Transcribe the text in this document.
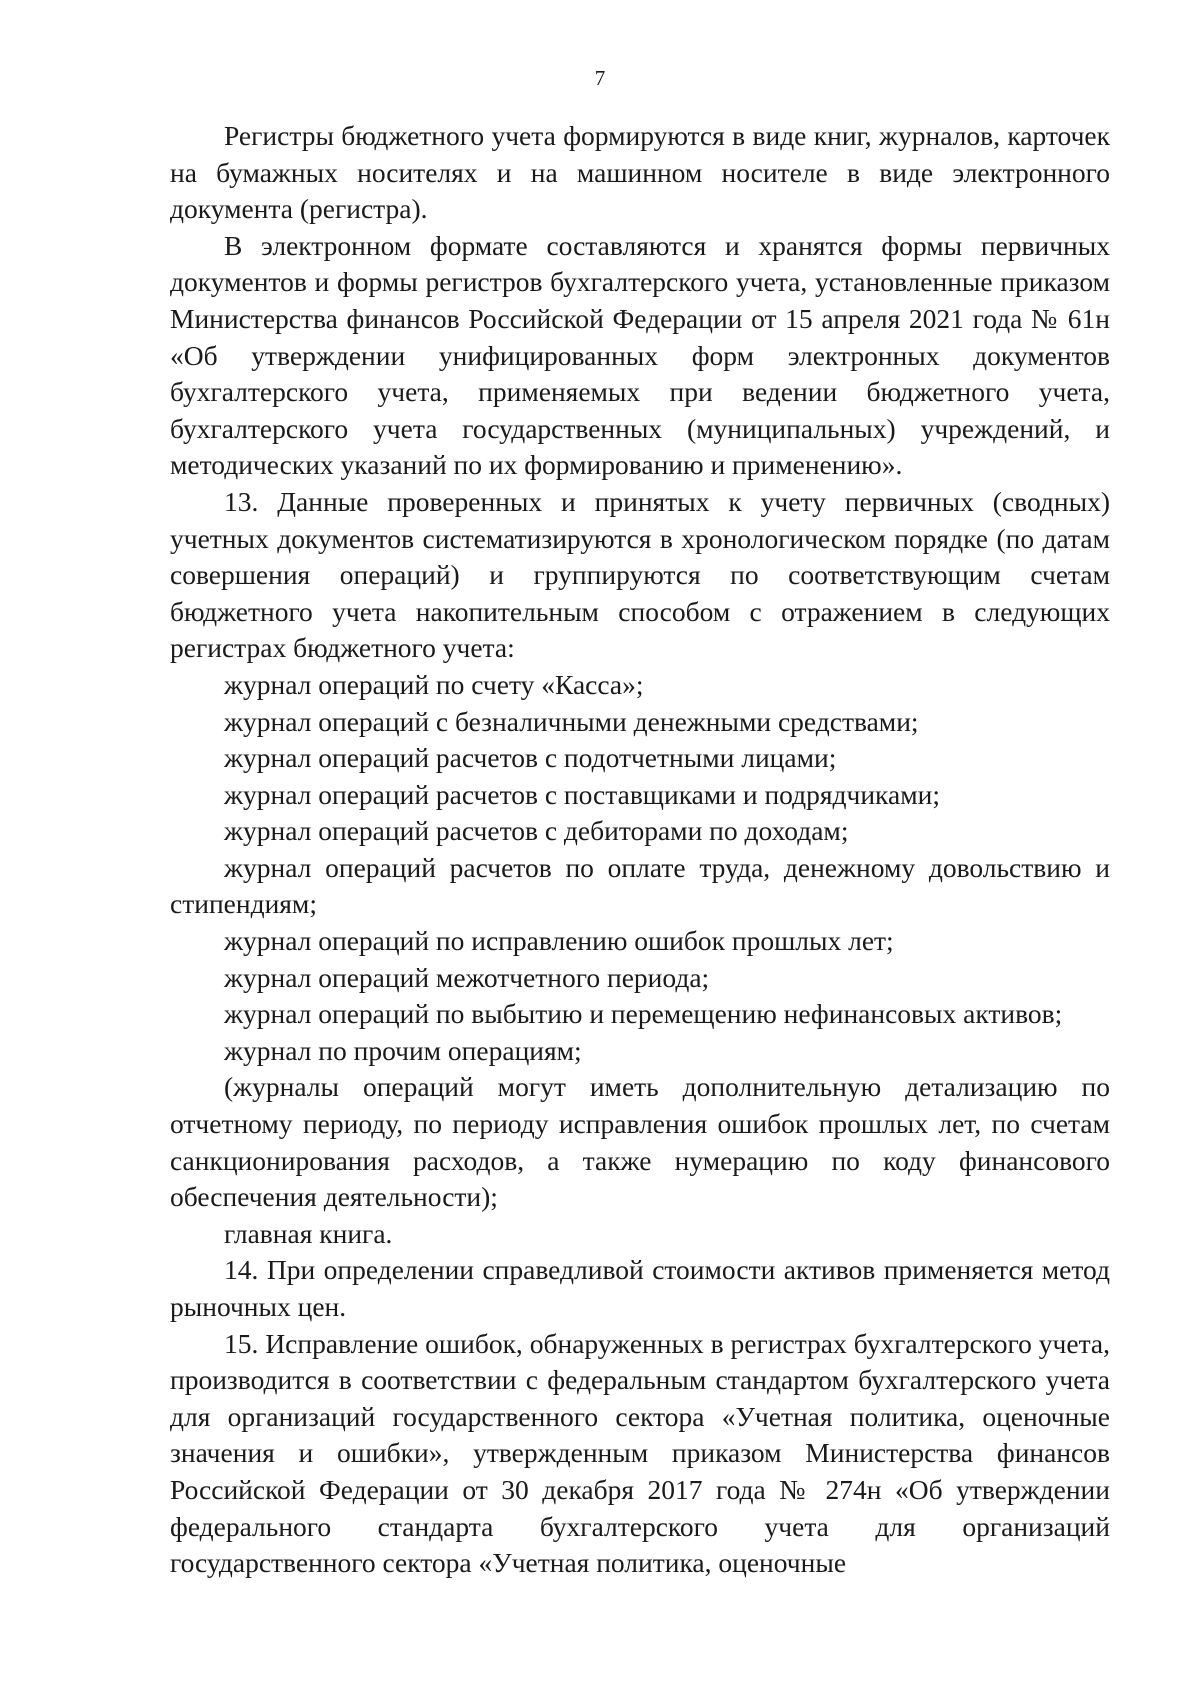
7

Регистры бюджетного учета формируются в виде книг, журналов, карточек на бумажных носителях и на машинном носителе в виде электронного документа (регистра).

В электронном формате составляются и хранятся формы первичных документов и формы регистров бухгалтерского учета, установленные приказом Министерства финансов Российской Федерации от 15 апреля 2021 года № 61н «Об утверждении унифицированных форм электронных документов бухгалтерского учета, применяемых при ведении бюджетного учета, бухгалтерского учета государственных (муниципальных) учреждений, и методических указаний по их формированию и применению».

13. Данные проверенных и принятых к учету первичных (сводных) учетных документов систематизируются в хронологическом порядке (по датам совершения операций) и группируются по соответствующим счетам бюджетного учета накопительным способом с отражением в следующих регистрах бюджетного учета:

журнал операций по счету «Касса»;

журнал операций с безналичными денежными средствами;

журнал операций расчетов с подотчетными лицами;

журнал операций расчетов с поставщиками и подрядчиками;

журнал операций расчетов с дебиторами по доходам;

журнал операций расчетов по оплате труда, денежному довольствию и стипендиям;

журнал операций по исправлению ошибок прошлых лет;

журнал операций межотчетного периода;

журнал операций по выбытию и перемещению нефинансовых активов;

журнал по прочим операциям;

(журналы операций могут иметь дополнительную детализацию по отчетному периоду, по периоду исправления ошибок прошлых лет, по счетам санкционирования расходов, а также нумерацию по коду финансового обеспечения деятельности);

главная книга.

14. При определении справедливой стоимости активов применяется метод рыночных цен.

15. Исправление ошибок, обнаруженных в регистрах бухгалтерского учета, производится в соответствии с федеральным стандартом бухгалтерского учета для организаций государственного сектора «Учетная политика, оценочные значения и ошибки», утвержденным приказом Министерства финансов Российской Федерации от 30 декабря 2017 года № 274н «Об утверждении федерального стандарта бухгалтерского учета для организаций государственного сектора «Учетная политика, оценочные
